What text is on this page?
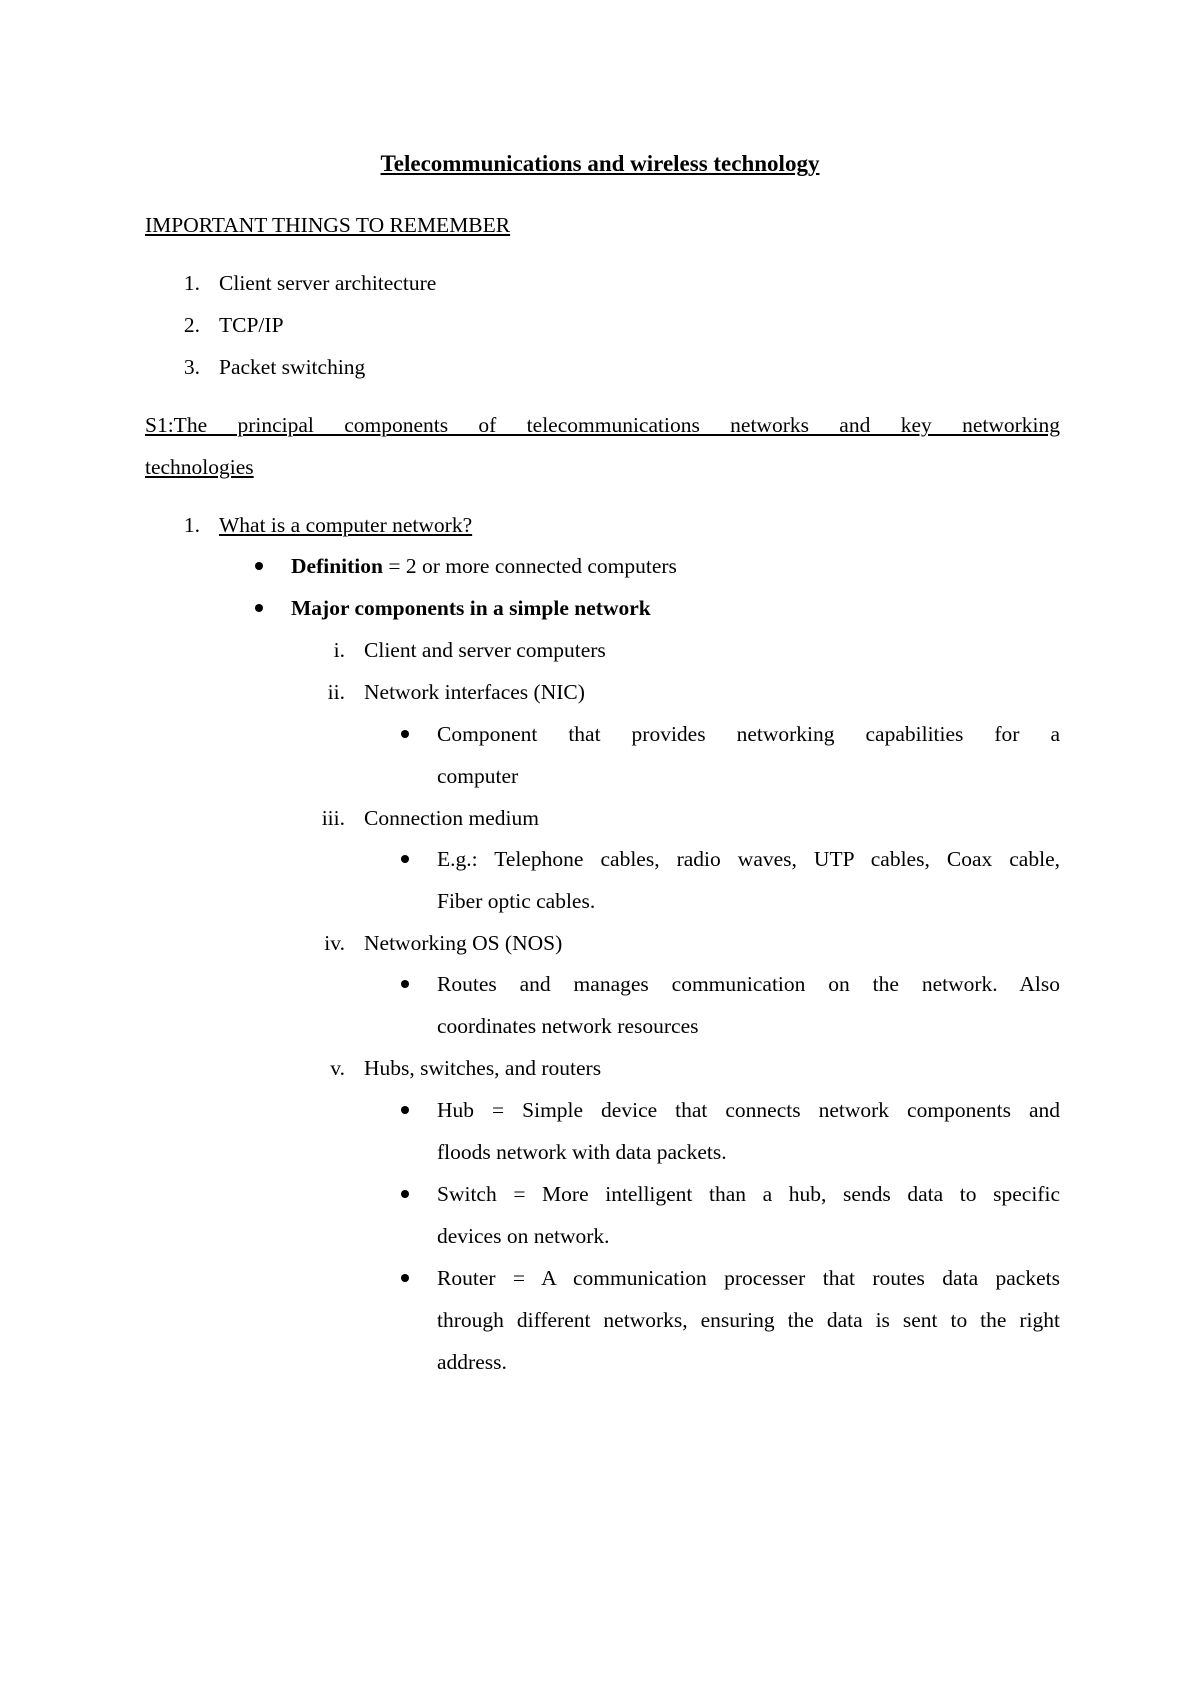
Telecommunications and wireless technology
IMPORTANT THINGS TO REMEMBER
1. Client server architecture
2. TCP/IP
3. Packet switching
S1:The principal components of telecommunications networks and key networking
technologies
1. What is a computer network?
Definition = 2 or more connected computers
Major components in a simple network
i. Client and server computers
ii. Network interfaces (NIC)
Component that provides networking capabilities for a
computer
iii. Connection medium
E.g.: Telephone cables, radio waves, UTP cables, Coax cable,
Fiber optic cables.
iv. Networking OS (NOS)
Routes and manages communication on the network. Also
coordinates network resources
v. Hubs, switches, and routers
Hub = Simple device that connects network components and
floods network with data packets.
Switch = More intelligent than a hub, sends data to specific
devices on network.
Router = A communication processer that routes data packets
through different networks, ensuring the data is sent to the right
address.
